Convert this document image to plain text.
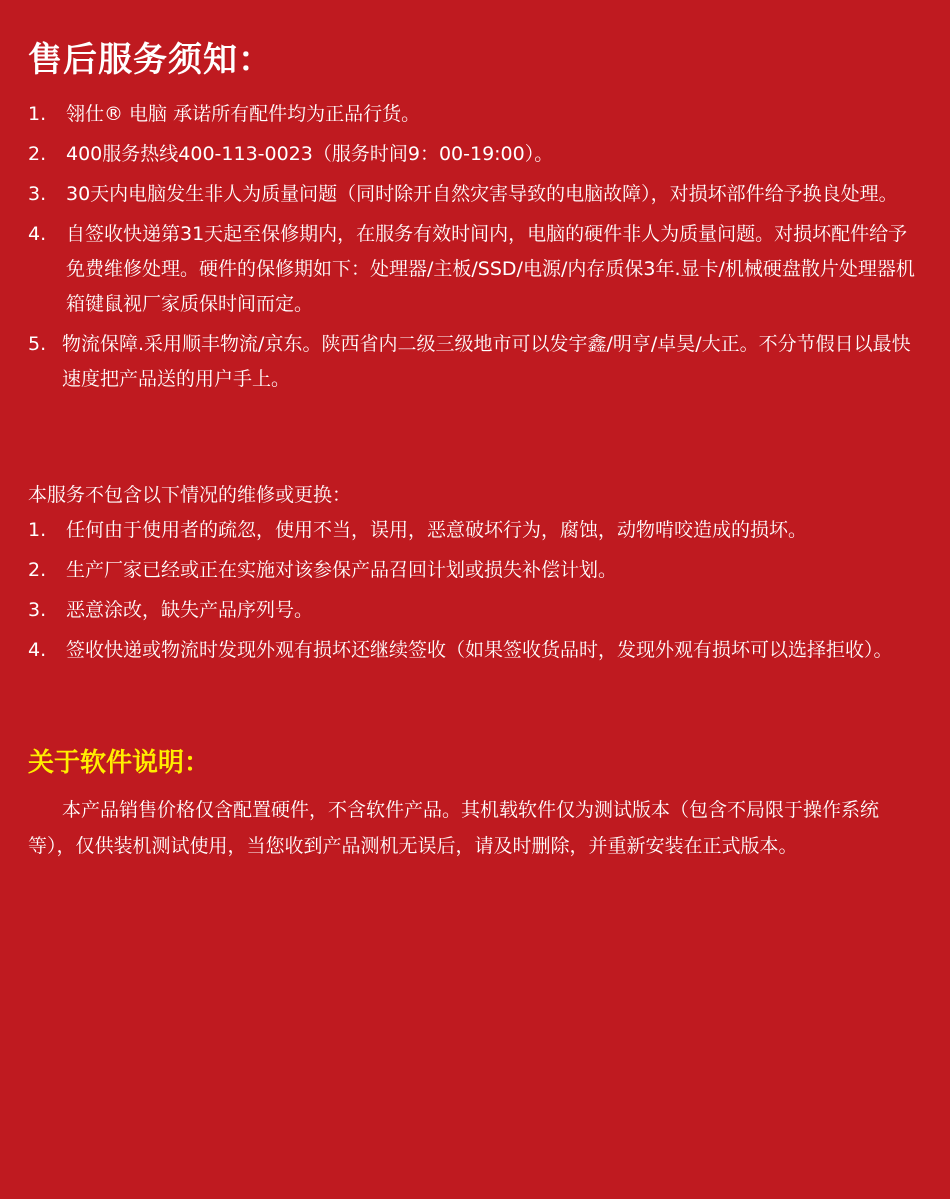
售后服务须知：
1. 翎仕® 电脑 承诺所有配件均为正品行货。
2. 400服务热线400-113-0023（服务时间9：00-19:00）。
3. 30天内电脑发生非人为质量问题（同时除开自然灾害导致的电脑故障），对损坏部件给予换良处理。
4. 自签收快递第31天起至保修期内，在服务有效时间内，电脑的硬件非人为质量问题。对损坏配件给予免费维修处理。硬件的保修期如下：处理器/主板/SSD/电源/内存质保3年.显卡/机械硬盘散片处理器机箱键鼠视厂家质保时间而定。
5. 物流保障.采用顺丰物流/京东。陕西省内二级三级地市可以发宇鑫/明亨/卓昊/大正。不分节假日以最快速度把产品送的用户手上。

本服务不包含以下情况的维修或更换：

1. 任何由于使用者的疏忽，使用不当，误用，恶意破坏行为，腐蚀，动物啃咬造成的损坏。
2. 生产厂家已经或正在实施对该参保产品召回计划或损失补偿计划。
3. 恶意涂改，缺失产品序列号。
4. 签收快递或物流时发现外观有损坏还继续签收（如果签收货品时，发现外观有损坏可以选择拒收）。
关于软件说明：

本产品销售价格仅含配置硬件，不含软件产品。其机载软件仅为测试版本（包含不局限于操作系统等），仅供装机测试使用，当您收到产品测机无误后，请及时删除，并重新安装在正式版本。
